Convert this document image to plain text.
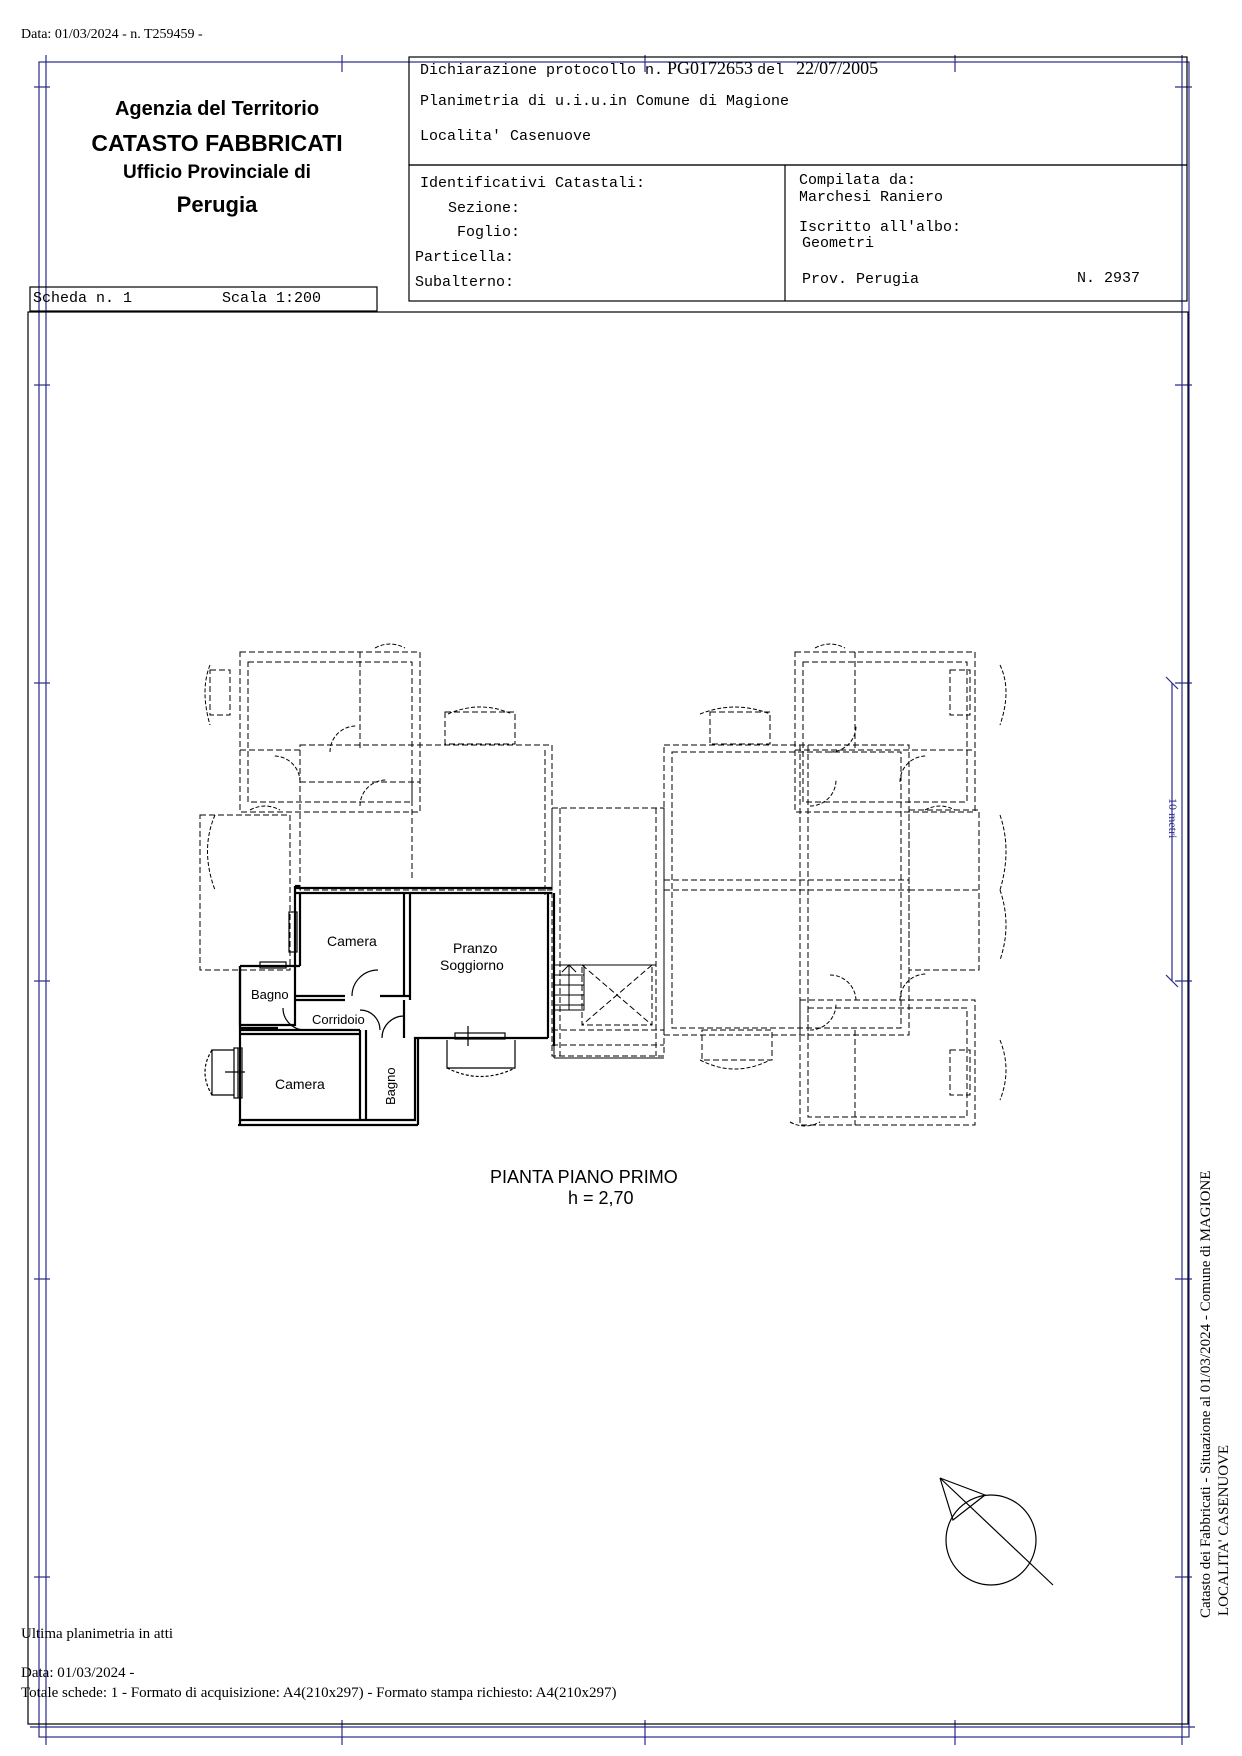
Data: 01/03/2024 - n. T259459 -
Agenzia del Territorio
CATASTO FABBRICATI
Ufficio Provinciale di
Perugia
Dichiarazione protocollo n. PG0172653 del 22/07/2005
Planimetria di u.i.u.in Comune di Magione
Localita' Casenuove
Identificativi Catastali:
Sezione:
Foglio:
Particella:
Subalterno:
Compilata da:
Marchesi Raniero
Iscritto all'albo:
Geometri
Prov. Perugia	N. 2937
Scheda n. 1	Scala 1:200
Camera	Pranzo
Soggiorno
Bagno
Corridoio
Camera	Bagno
PIANTA PIANO PRIMO
h = 2,70
10 metri
Catasto dei Fabbricati - Situazione al 01/03/2024 - Comune di MAGIONE LOCALITA' CASENUOVE
Ultima planimetria in atti
Data: 01/03/2024 -
Totale schede: 1 - Formato di acquisizione: A4(210x297) - Formato stampa richiesto: A4(210x297)
